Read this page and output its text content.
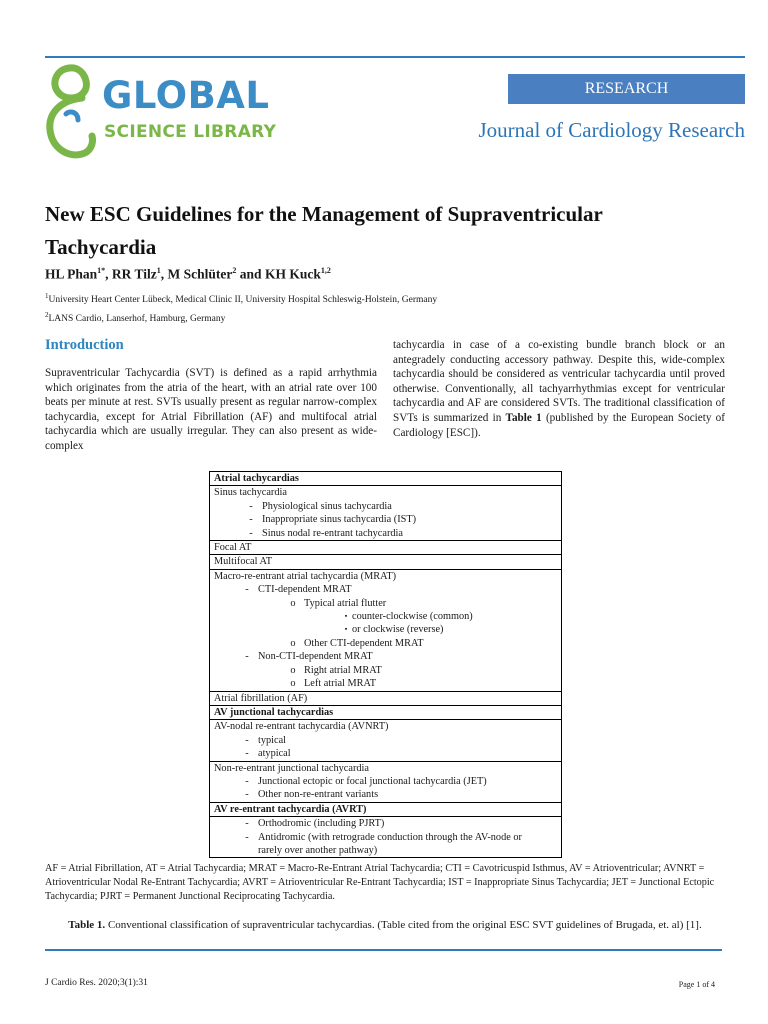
GLOBAL
SCIENCE LIBRARY
RESEARCH
Journal of Cardiology Research
New ESC Guidelines for the Management of Supraventricular
Tachycardia
HL Phan$^{1*}$, RR Tilz$^1$, M Schlüter$^2$ and KH Kuck$^{1,2}$
$^1$University Heart Center Lübeck, Medical Clinic II, University Hospital Schleswig-Holstein, Germany
$^2$LANS Cardio, Lanserhof, Hamburg, Germany
Introduction

Supraventricular Tachycardia (SVT) is defined as a rapid arrhythmia which originates from the atria of the heart, with an atrial rate over 100 beats per minute at rest. SVTs usually present as regular narrow-complex tachycardia, except for Atrial Fibrillation (AF) and multifocal atrial tachycardia which are usually irregular. They can also present as wide-complex

tachycardia in case of a co-existing bundle branch block or an antegradely conducting accessory pathway. Despite this, wide-complex tachycardia should be considered as ventricular tachycardia until proved otherwise. Conventionally, all tachyarrhythmias except for ventricular tachycardia and AF are considered SVTs. The traditional classification of SVTs is summarized in Table 1 (published by the European Society of Cardiology [ESC]).

Atrial tachycardias
Sinus tachycardia
- Physiological sinus tachycardia
- Inappropriate sinus tachycardia (IST)
- Sinus nodal re-entrant tachycardia
Focal AT
Multifocal AT
Macro-re-entrant atrial tachycardia (MRAT)
- CTI-dependent MRAT
o Typical atrial flutter
▪ counter-clockwise (common)
▪ or clockwise (reverse)
o Other CTI-dependent MRAT
- Non-CTI-dependent MRAT
o Right atrial MRAT
o Left atrial MRAT
Atrial fibrillation (AF)
AV junctional tachycardias
AV-nodal re-entrant tachycardia (AVNRT)
- typical
- atypical
Non-re-entrant junctional tachycardia
- Junctional ectopic or focal junctional tachycardia (JET)
- Other non-re-entrant variants
AV re-entrant tachycardia (AVRT)
- Orthodromic (including PJRT)
- Antidromic (with retrograde conduction through the AV-node or
rarely over another pathway)
AF = Atrial Fibrillation, AT = Atrial Tachycardia; MRAT = Macro-Re-Entrant Atrial Tachycardia; CTI = Cavotricuspid Isthmus, AV = Atrioventricular; AVNRT = Atrioventricular Nodal Re-Entrant Tachycardia; AVRT = Atrioventricular Re-Entrant Tachycardia; IST = Inappropriate Sinus Tachycardia; JET = Junctional Ectopic Tachycardia; PJRT = Permanent Junctional Reciprocating Tachycardia.
Table 1. Conventional classification of supraventricular tachycardias. (Table cited from the original ESC SVT guidelines of Brugada, et. al) [1].
J Cardio Res. 2020;3(1):31	Page 1 of 4
